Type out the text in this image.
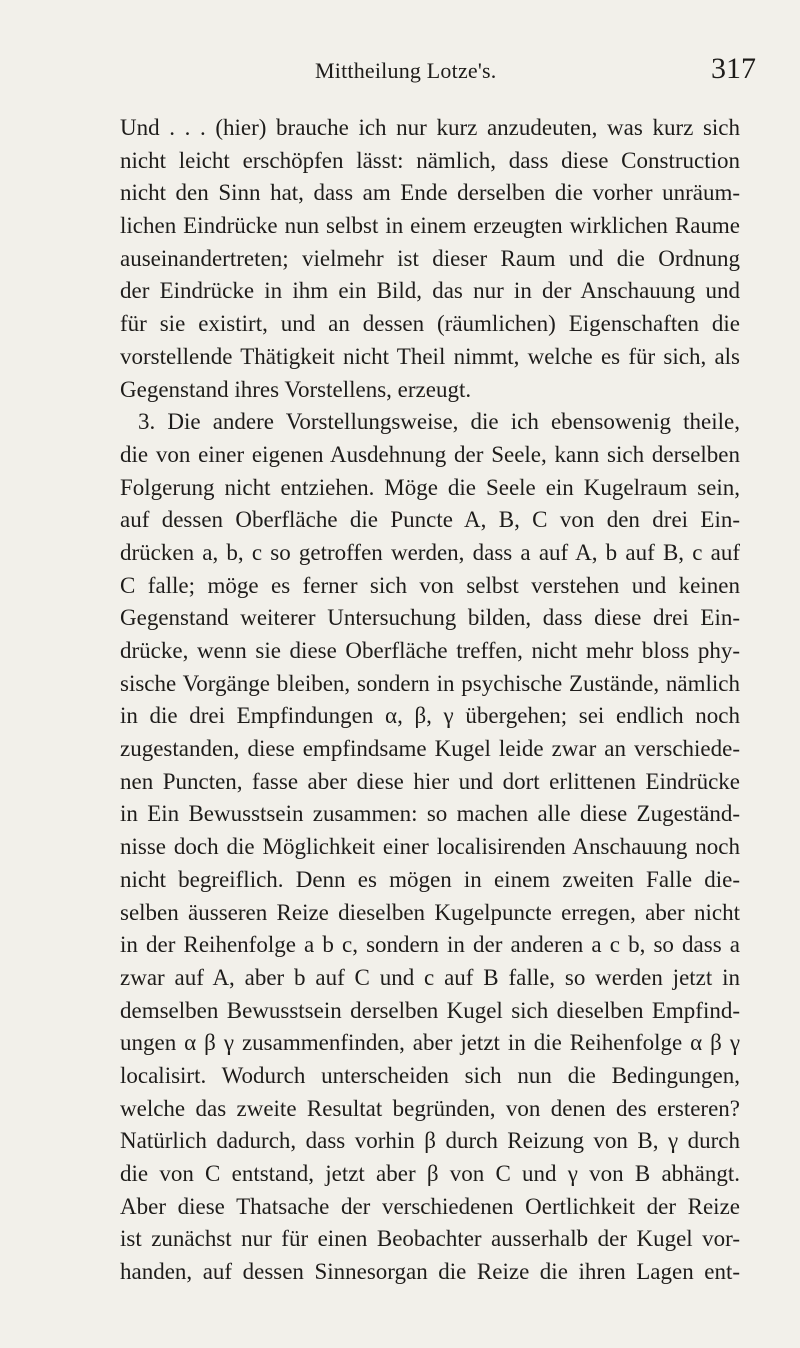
Mittheilung Lotze's.	317
Und . . . (hier) brauche ich nur kurz anzudeuten, was kurz sich
nicht leicht erschöpfen lässt: nämlich, dass diese Construction
nicht den Sinn hat, dass am Ende derselben die vorher unräum-
lichen Eindrücke nun selbst in einem erzeugten wirklichen Raume
auseinandertreten; vielmehr ist dieser Raum und die Ordnung
der Eindrücke in ihm ein Bild, das nur in der Anschauung und
für sie existirt, und an dessen (räumlichen) Eigenschaften die
vorstellende Thätigkeit nicht Theil nimmt, welche es für sich, als
Gegenstand ihres Vorstellens, erzeugt.
3. Die andere Vorstellungsweise, die ich ebensowenig theile,
die von einer eigenen Ausdehnung der Seele, kann sich derselben
Folgerung nicht entziehen. Möge die Seele ein Kugelraum sein,
auf dessen Oberfläche die Puncte A, B, C von den drei Ein-
drücken a, b, c so getroffen werden, dass a auf A, b auf B, c auf
C falle; möge es ferner sich von selbst verstehen und keinen
Gegenstand weiterer Untersuchung bilden, dass diese drei Ein-
drücke, wenn sie diese Oberfläche treffen, nicht mehr bloss phy-
sische Vorgänge bleiben, sondern in psychische Zustände, nämlich
in die drei Empfindungen α, β, γ übergehen; sei endlich noch
zugestanden, diese empfindsame Kugel leide zwar an verschiede-
nen Puncten, fasse aber diese hier und dort erlittenen Eindrücke
in Ein Bewusstsein zusammen: so machen alle diese Zugeständ-
nisse doch die Möglichkeit einer localisirenden Anschauung noch
nicht begreiflich. Denn es mögen in einem zweiten Falle die-
selben äusseren Reize dieselben Kugelpuncte erregen, aber nicht
in der Reihenfolge a b c, sondern in der anderen a c b, so dass a
zwar auf A, aber b auf C und c auf B falle, so werden jetzt in
demselben Bewusstsein derselben Kugel sich dieselben Empfind-
ungen α β γ zusammenfinden, aber jetzt in die Reihenfolge α β γ
localisirt. Wodurch unterscheiden sich nun die Bedingungen,
welche das zweite Resultat begründen, von denen des ersteren?
Natürlich dadurch, dass vorhin β durch Reizung von B, γ durch
die von C entstand, jetzt aber β von C und γ von B abhängt.
Aber diese Thatsache der verschiedenen Oertlichkeit der Reize
ist zunächst nur für einen Beobachter ausserhalb der Kugel vor-
handen, auf dessen Sinnesorgan die Reize die ihren Lagen ent-
